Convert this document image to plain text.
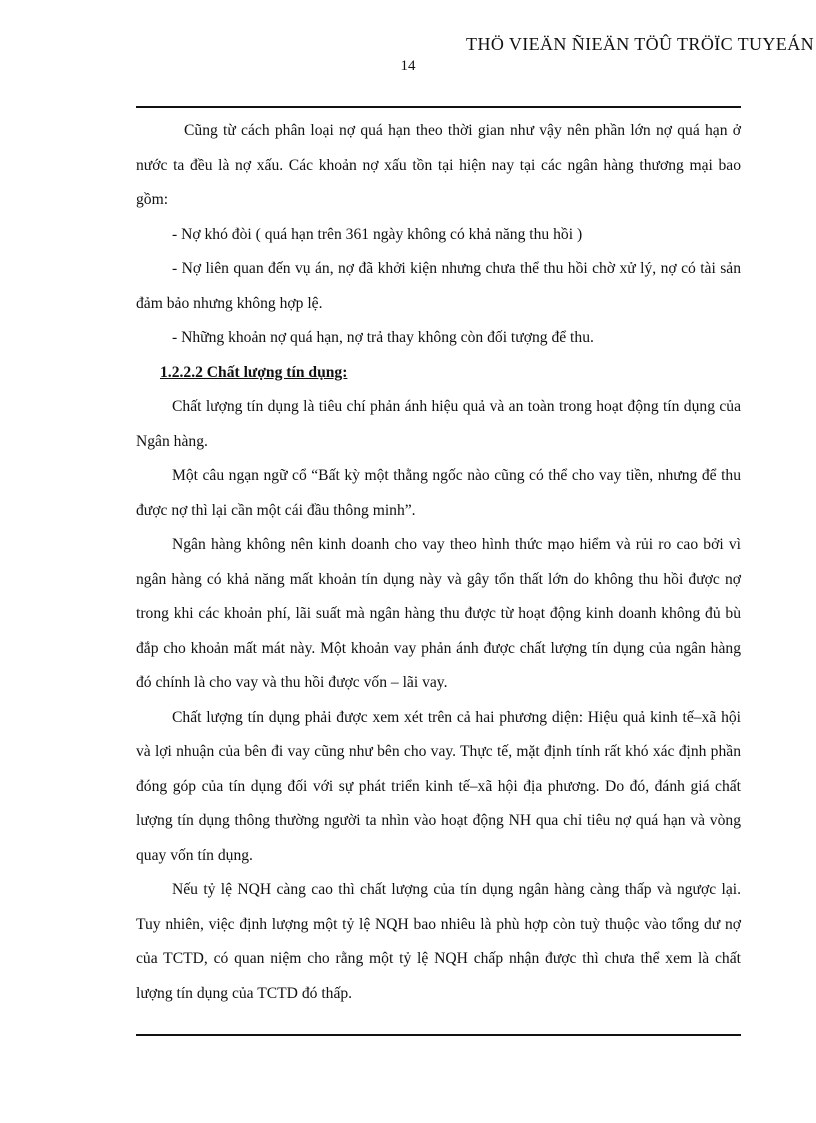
THÖ VIEÄN ÑIEÄN TÖÛ TRÖÏC TUYEÁN
14

Cũng từ cách phân loại nợ quá hạn theo thời gian như vậy nên phần lớn nợ quá hạn ở nước ta đều là nợ xấu. Các khoản nợ xấu tồn tại hiện nay tại các ngân hàng thương mại bao gồm:

- Nợ khó đòi ( quá hạn trên 361 ngày không có khả năng thu hồi )

- Nợ liên quan đến vụ án, nợ đã khởi kiện nhưng chưa thể thu hồi chờ xử lý, nợ có tài sản đảm bảo nhưng không hợp lệ.

- Những khoản nợ quá hạn, nợ trả thay không còn đối tượng để thu.

1.2.2.2 Chất lượng tín dụng:

Chất lượng tín dụng là tiêu chí phản ánh hiệu quả và an toàn trong hoạt động tín dụng của Ngân hàng.

Một câu ngạn ngữ cổ “Bất kỳ một thằng ngốc nào cũng có thể cho vay tiền, nhưng để thu được nợ thì lại cần một cái đầu thông minh”.

Ngân hàng không nên kinh doanh cho vay theo hình thức mạo hiểm và rủi ro cao bởi vì ngân hàng có khả năng mất khoản tín dụng này và gây tổn thất lớn do không thu hồi được nợ trong khi các khoản phí, lãi suất mà ngân hàng thu được từ hoạt động kinh doanh không đủ bù đắp cho khoản mất mát này. Một khoản vay phản ánh được chất lượng tín dụng của ngân hàng đó chính là cho vay và thu hồi được vốn – lãi vay.

Chất lượng tín dụng phải được xem xét trên cả hai phương diện: Hiệu quả kinh tế–xã hội và lợi nhuận của bên đi vay cũng như bên cho vay. Thực tế, mặt định tính rất khó xác định phần đóng góp của tín dụng đối với sự phát triển kinh tế–xã hội địa phương. Do đó, đánh giá chất lượng tín dụng thông thường người ta nhìn vào hoạt động NH qua chỉ tiêu nợ quá hạn và vòng quay vốn tín dụng.

Nếu tỷ lệ NQH càng cao thì chất lượng của tín dụng ngân hàng càng thấp và ngược lại. Tuy nhiên, việc định lượng một tỷ lệ NQH bao nhiêu là phù hợp còn tuỳ thuộc vào tổng dư nợ của TCTD, có quan niệm cho rằng một tỷ lệ NQH chấp nhận được thì chưa thể xem là chất lượng tín dụng của TCTD đó thấp.
